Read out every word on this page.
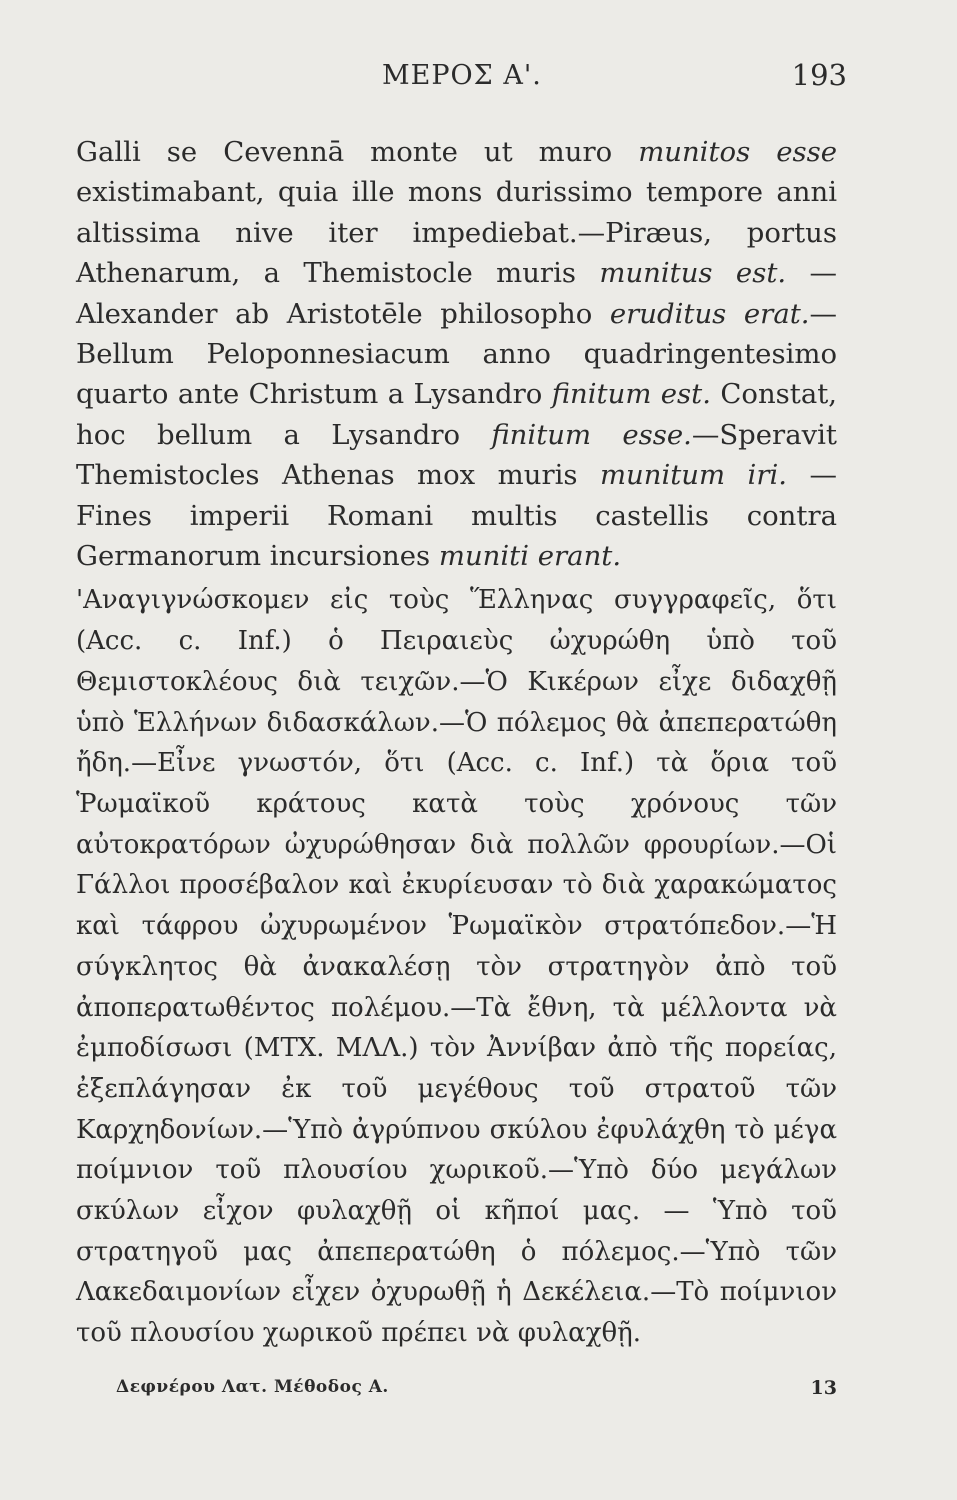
ΜΕΡΟΣ Α'.	193

Galli se Cevennā monte ut muro munitos esse existimabant, quia ille mons durissimo tempore anni altissima nive iter impediebat.—Piræus, portus Athenarum, a Themistocle muris munitus est. —Alexander ab Aristotēle philosopho eruditus erat.—Bellum Peloponnesiacum anno quadringentesimo quarto ante Christum a Lysandro finitum est. Constat, hoc bellum a Lysandro finitum esse.—Speravit Themistocles Athenas mox muris munitum iri. — Fines imperii Romani multis castellis contra Germanorum incursiones muniti erant.

'Αναγιγνώσκομεν εἰς τοὺς Ἕλληνας συγγραφεῖς, ὅτι (Acc. c. Inf.) ὁ Πειραιεὺς ὠχυρώθη ὑπὸ τοῦ Θεμιστοκλέους διὰ τειχῶν.—Ὁ Κικέρων εἶχε διδαχθῇ ὑπὸ Ἑλλήνων διδασκάλων.—Ὁ πόλεμος θὰ ἀπεπερατώθη ἤδη.—Εἶνε γνωστόν, ὅτι (Acc. c. Inf.) τὰ ὅρια τοῦ Ῥωμαϊκοῦ κράτους κατὰ τοὺς χρόνους τῶν αὐτοκρατόρων ὠχυρώθησαν διὰ πολλῶν φρουρίων.—Οἱ Γάλλοι προσέβαλον καὶ ἐκυρίευσαν τὸ διὰ χαρακώματος καὶ τάφρου ὠχυρωμένον Ῥωμαϊκὸν στρατόπεδον.—Ἡ σύγκλητος θὰ ἀνακαλέσῃ τὸν στρατηγὸν ἀπὸ τοῦ ἀποπερατωθέντος πολέμου.—Τὰ ἔθνη, τὰ μέλλοντα νὰ ἐμποδίσωσι (ΜΤΧ. ΜΛΛ.) τὸν Ἀννίβαν ἀπὸ τῆς πορείας, ἐξεπλάγησαν ἐκ τοῦ μεγέθους τοῦ στρατοῦ τῶν Καρχηδονίων.—Ὑπὸ ἀγρύπνου σκύλου ἐφυλάχθη τὸ μέγα ποίμνιον τοῦ πλουσίου χωρικοῦ.—Ὑπὸ δύο μεγάλων σκύλων εἶχον φυλαχθῇ οἱ κῆποί μας. — Ὑπὸ τοῦ στρατηγοῦ μας ἀπεπερατώθη ὁ πόλεμος.—Ὑπὸ τῶν Λακεδαιμονίων εἶχεν ὀχυρωθῇ ἡ Δεκέλεια.—Τὸ ποίμνιον τοῦ πλουσίου χωρικοῦ πρέπει νὰ φυλαχθῇ.

Δεφνέρου Λατ. Μέθοδος Α.	13
